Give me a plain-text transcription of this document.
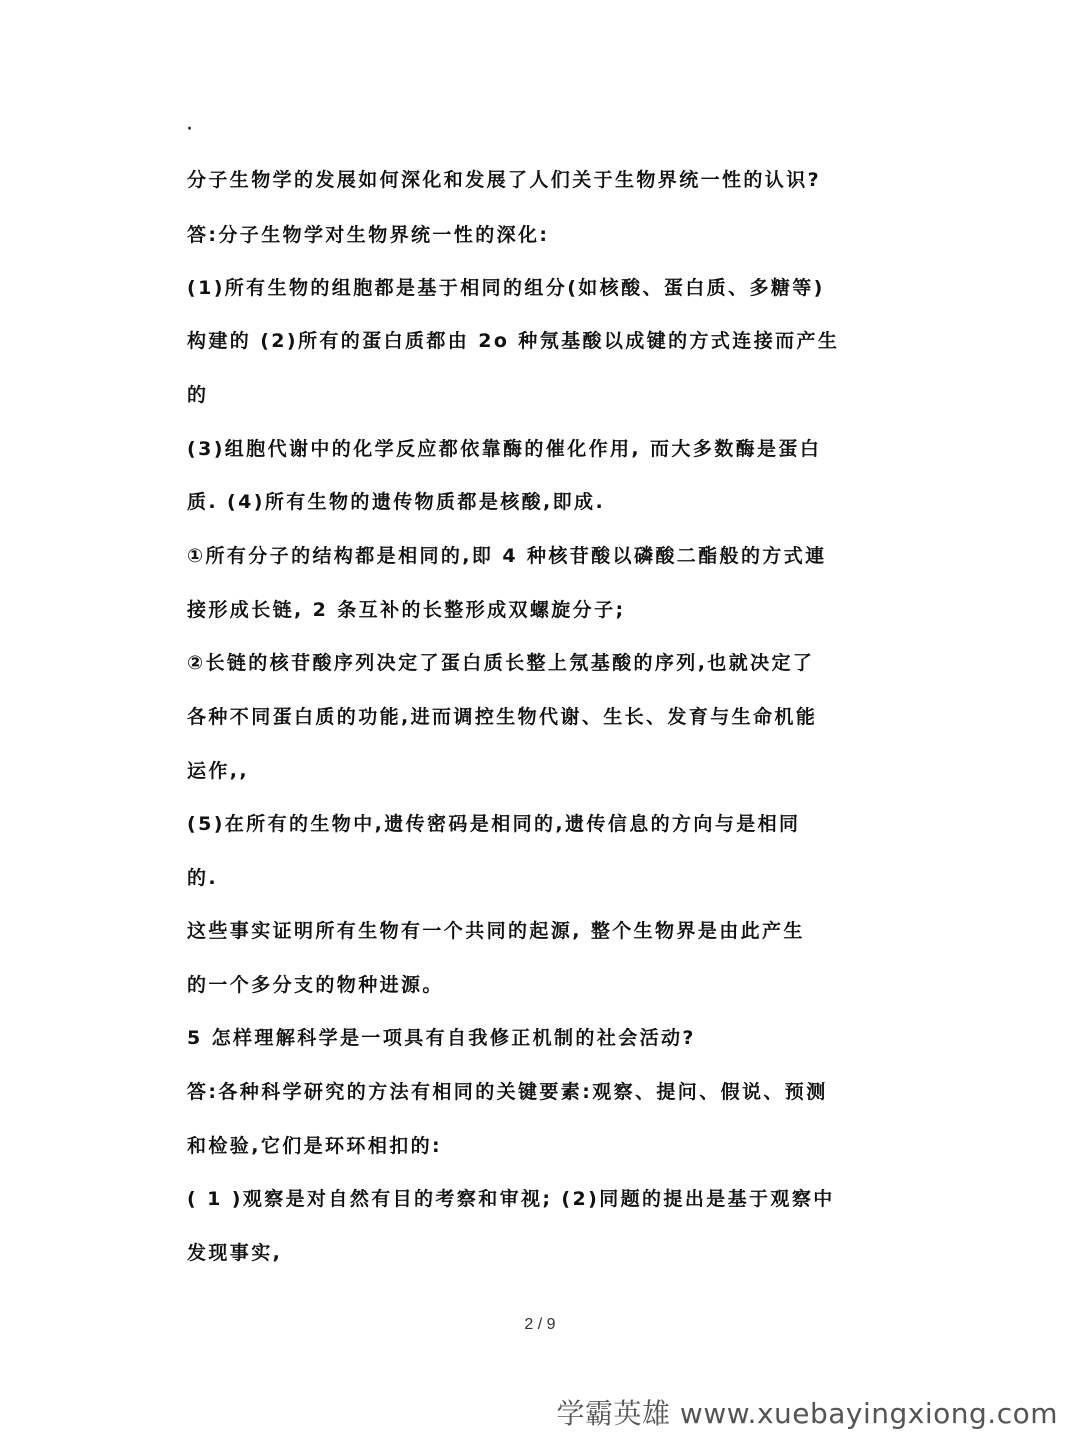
·
分子生物学的发展如何深化和发展了人们关于生物界统一性的认识?
答:分子生物学对生物界统一性的深化:
(1)所有生物的组胞都是基于相同的组分(如核酸、蛋白质、多糖等)
构建的 (2)所有的蛋白质都由 2o 种氖基酸以成键的方式连接而产生
的
(3)组胞代谢中的化学反应都依靠酶的催化作用, 而大多数酶是蛋白
质. (4)所有生物的遗传物质都是核酸,即成.
①所有分子的结构都是相同的,即 4 种核苷酸以磷酸二酯般的方式連
接形成长链, 2 条互补的长整形成双螺旋分子;
②长链的核苷酸序列决定了蛋白质长整上氖基酸的序列,也就决定了
各种不同蛋白质的功能,进而调控生物代谢、生长、发育与生命机能
运作,,
(5)在所有的生物中,遗传密码是相同的,遗传信息的方向与是相同
的.
这些事实证明所有生物有一个共同的起源, 整个生物界是由此产生
的一个多分支的物种进源。
5 怎样理解科学是一项具有自我修正机制的社会活动?
答:各种科学研究的方法有相同的关键要素:观察、提问、假说、预测
和检验,它们是环环相扣的:
( 1 )观察是对自然有目的考察和审视; (2)同题的提出是基于观察中
发现事实,
2 / 9
学霸英雄 www.xuebayingxiong.com
